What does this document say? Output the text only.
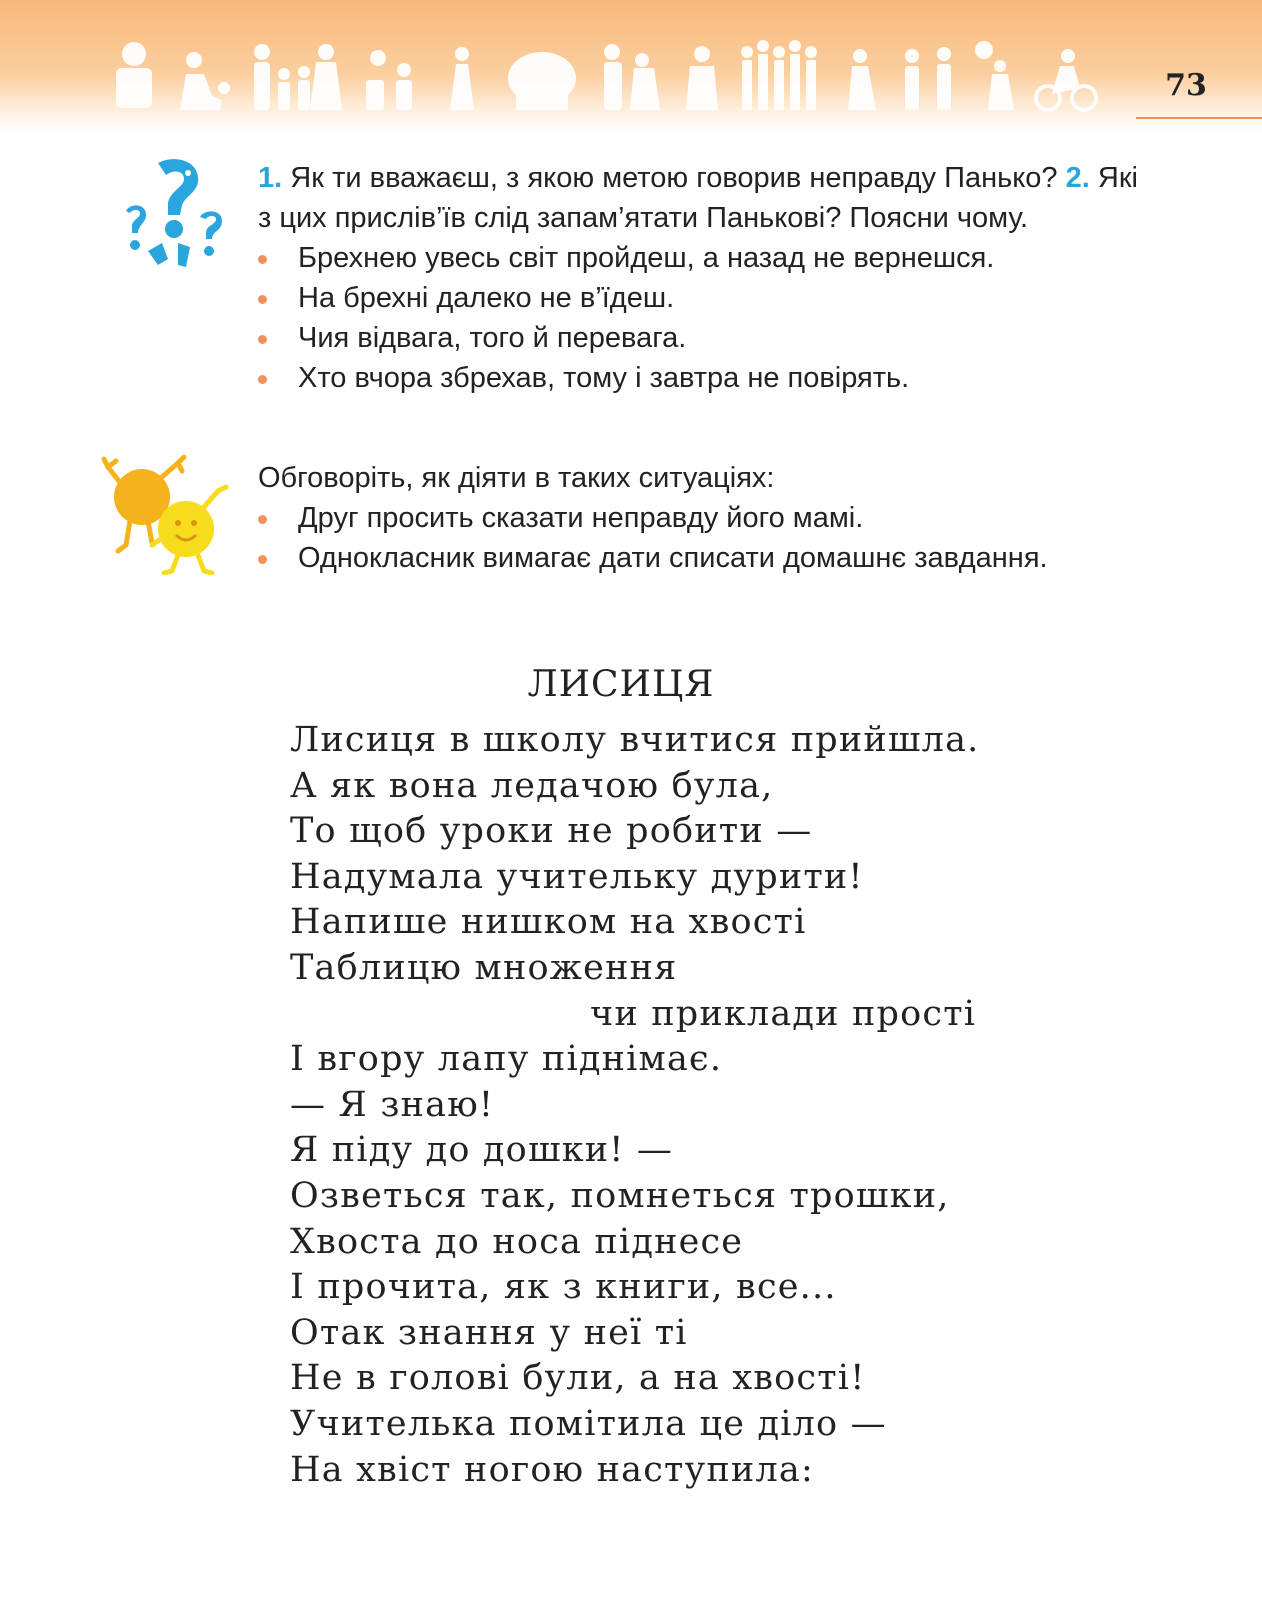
73

1. Як ти вважаєш, з якою метою говорив неправду Панько? 2. Які з цих прислів’їв слід запам’ятати Панькові? Поясни чому.

Брехнею увесь світ пройдеш, а назад не вернешся.
На брехні далеко не в’їдеш.
Чия відвага, того й перевага.
Хто вчора збрехав, тому і завтра не повірять.

Обговоріть, як діяти в таких ситуаціях:

Друг просить сказати неправду його мамі.
Однокласник вимагає дати списати домашнє завдання.
ЛИСИЦЯ
Лисиця в школу вчитися прийшла.
А як вона ледачою була,
То щоб уроки не робити —
Надумала учительку дурити!
Напише нишком на хвості
Таблицю множення
чи приклади прості
І вгору лапу піднімає.
— Я знаю!
Я піду до дошки! —
Озветься так, помнеться трошки,
Хвоста до носа піднесе
І прочита, як з книги, все...
Отак знання у неї ті
Не в голові були, а на хвості!
Учителька помітила це діло —
На хвіст ногою наступила:
